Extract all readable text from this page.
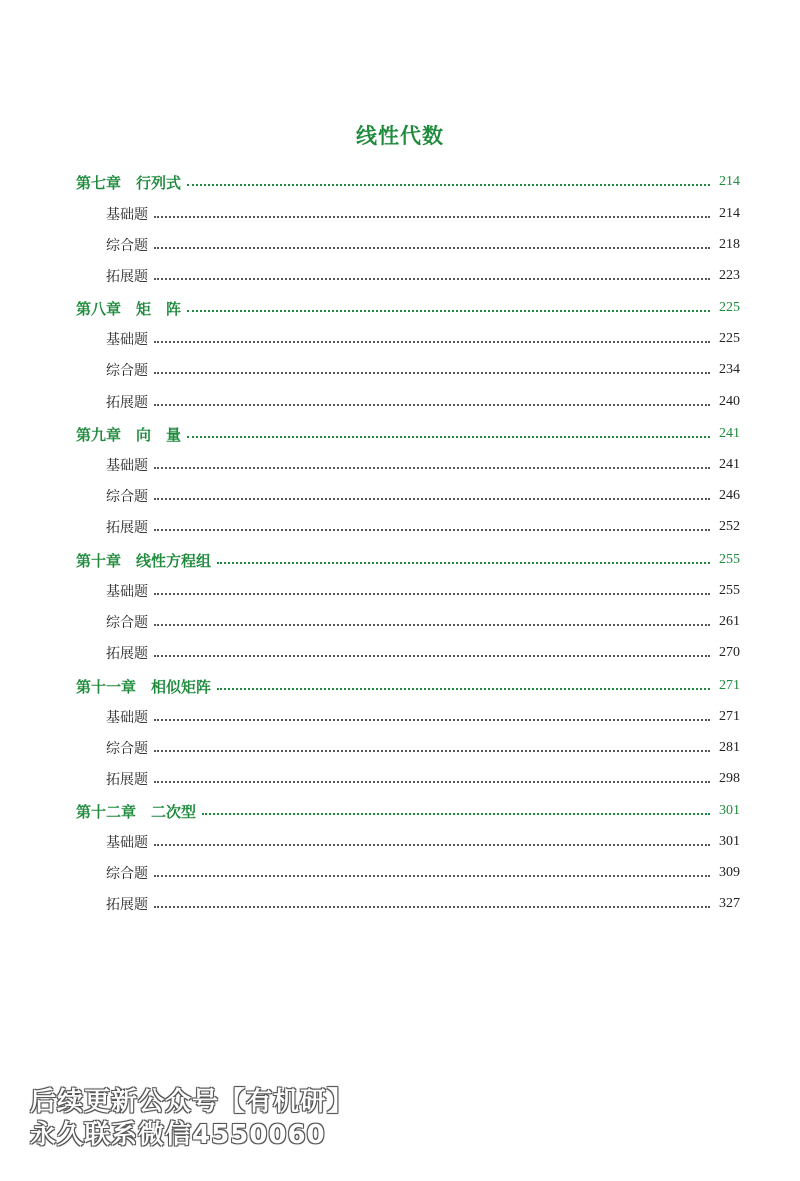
线性代数
第七章　行列式	214
基础题	214
综合题	218
拓展题	223
第八章　矩　阵	225
基础题	225
综合题	234
拓展题	240
第九章　向　量	241
基础题	241
综合题	246
拓展题	252
第十章　线性方程组	255
基础题	255
综合题	261
拓展题	270
第十一章　相似矩阵	271
基础题	271
综合题	281
拓展题	298
第十二章　二次型	301
基础题	301
综合题	309
拓展题	327
后续更新公众号【有机研】
永久联系微信4550060
